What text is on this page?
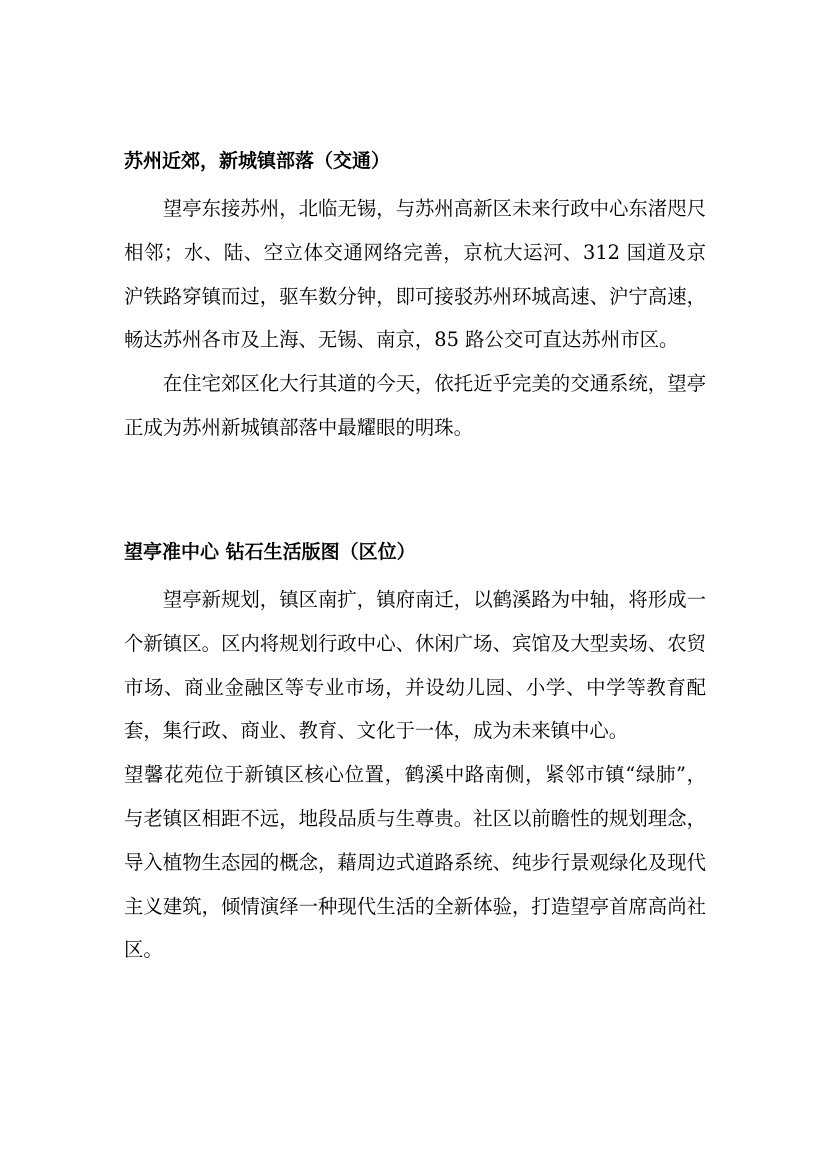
苏州近郊，新城镇部落（交通）

望亭东接苏州，北临无锡，与苏州高新区未来行政中心东渚咫尺相邻；水、陆、空立体交通网络完善，京杭大运河、312 国道及京沪铁路穿镇而过，驱车数分钟，即可接驳苏州环城高速、沪宁高速，畅达苏州各市及上海、无锡、南京，85 路公交可直达苏州市区。

在住宅郊区化大行其道的今天，依托近乎完美的交通系统，望亭正成为苏州新城镇部落中最耀眼的明珠。

望亭准中心 钻石生活版图（区位）

望亭新规划，镇区南扩，镇府南迁，以鹤溪路为中轴，将形成一个新镇区。区内将规划行政中心、休闲广场、宾馆及大型卖场、农贸市场、商业金融区等专业市场，并设幼儿园、小学、中学等教育配套，集行政、商业、教育、文化于一体，成为未来镇中心。

望馨花苑位于新镇区核心位置，鹤溪中路南侧，紧邻市镇“绿肺”，与老镇区相距不远，地段品质与生尊贵。社区以前瞻性的规划理念，导入植物生态园的概念，藉周边式道路系统、纯步行景观绿化及现代主义建筑，倾情演绎一种现代生活的全新体验，打造望亭首席高尚社区。
